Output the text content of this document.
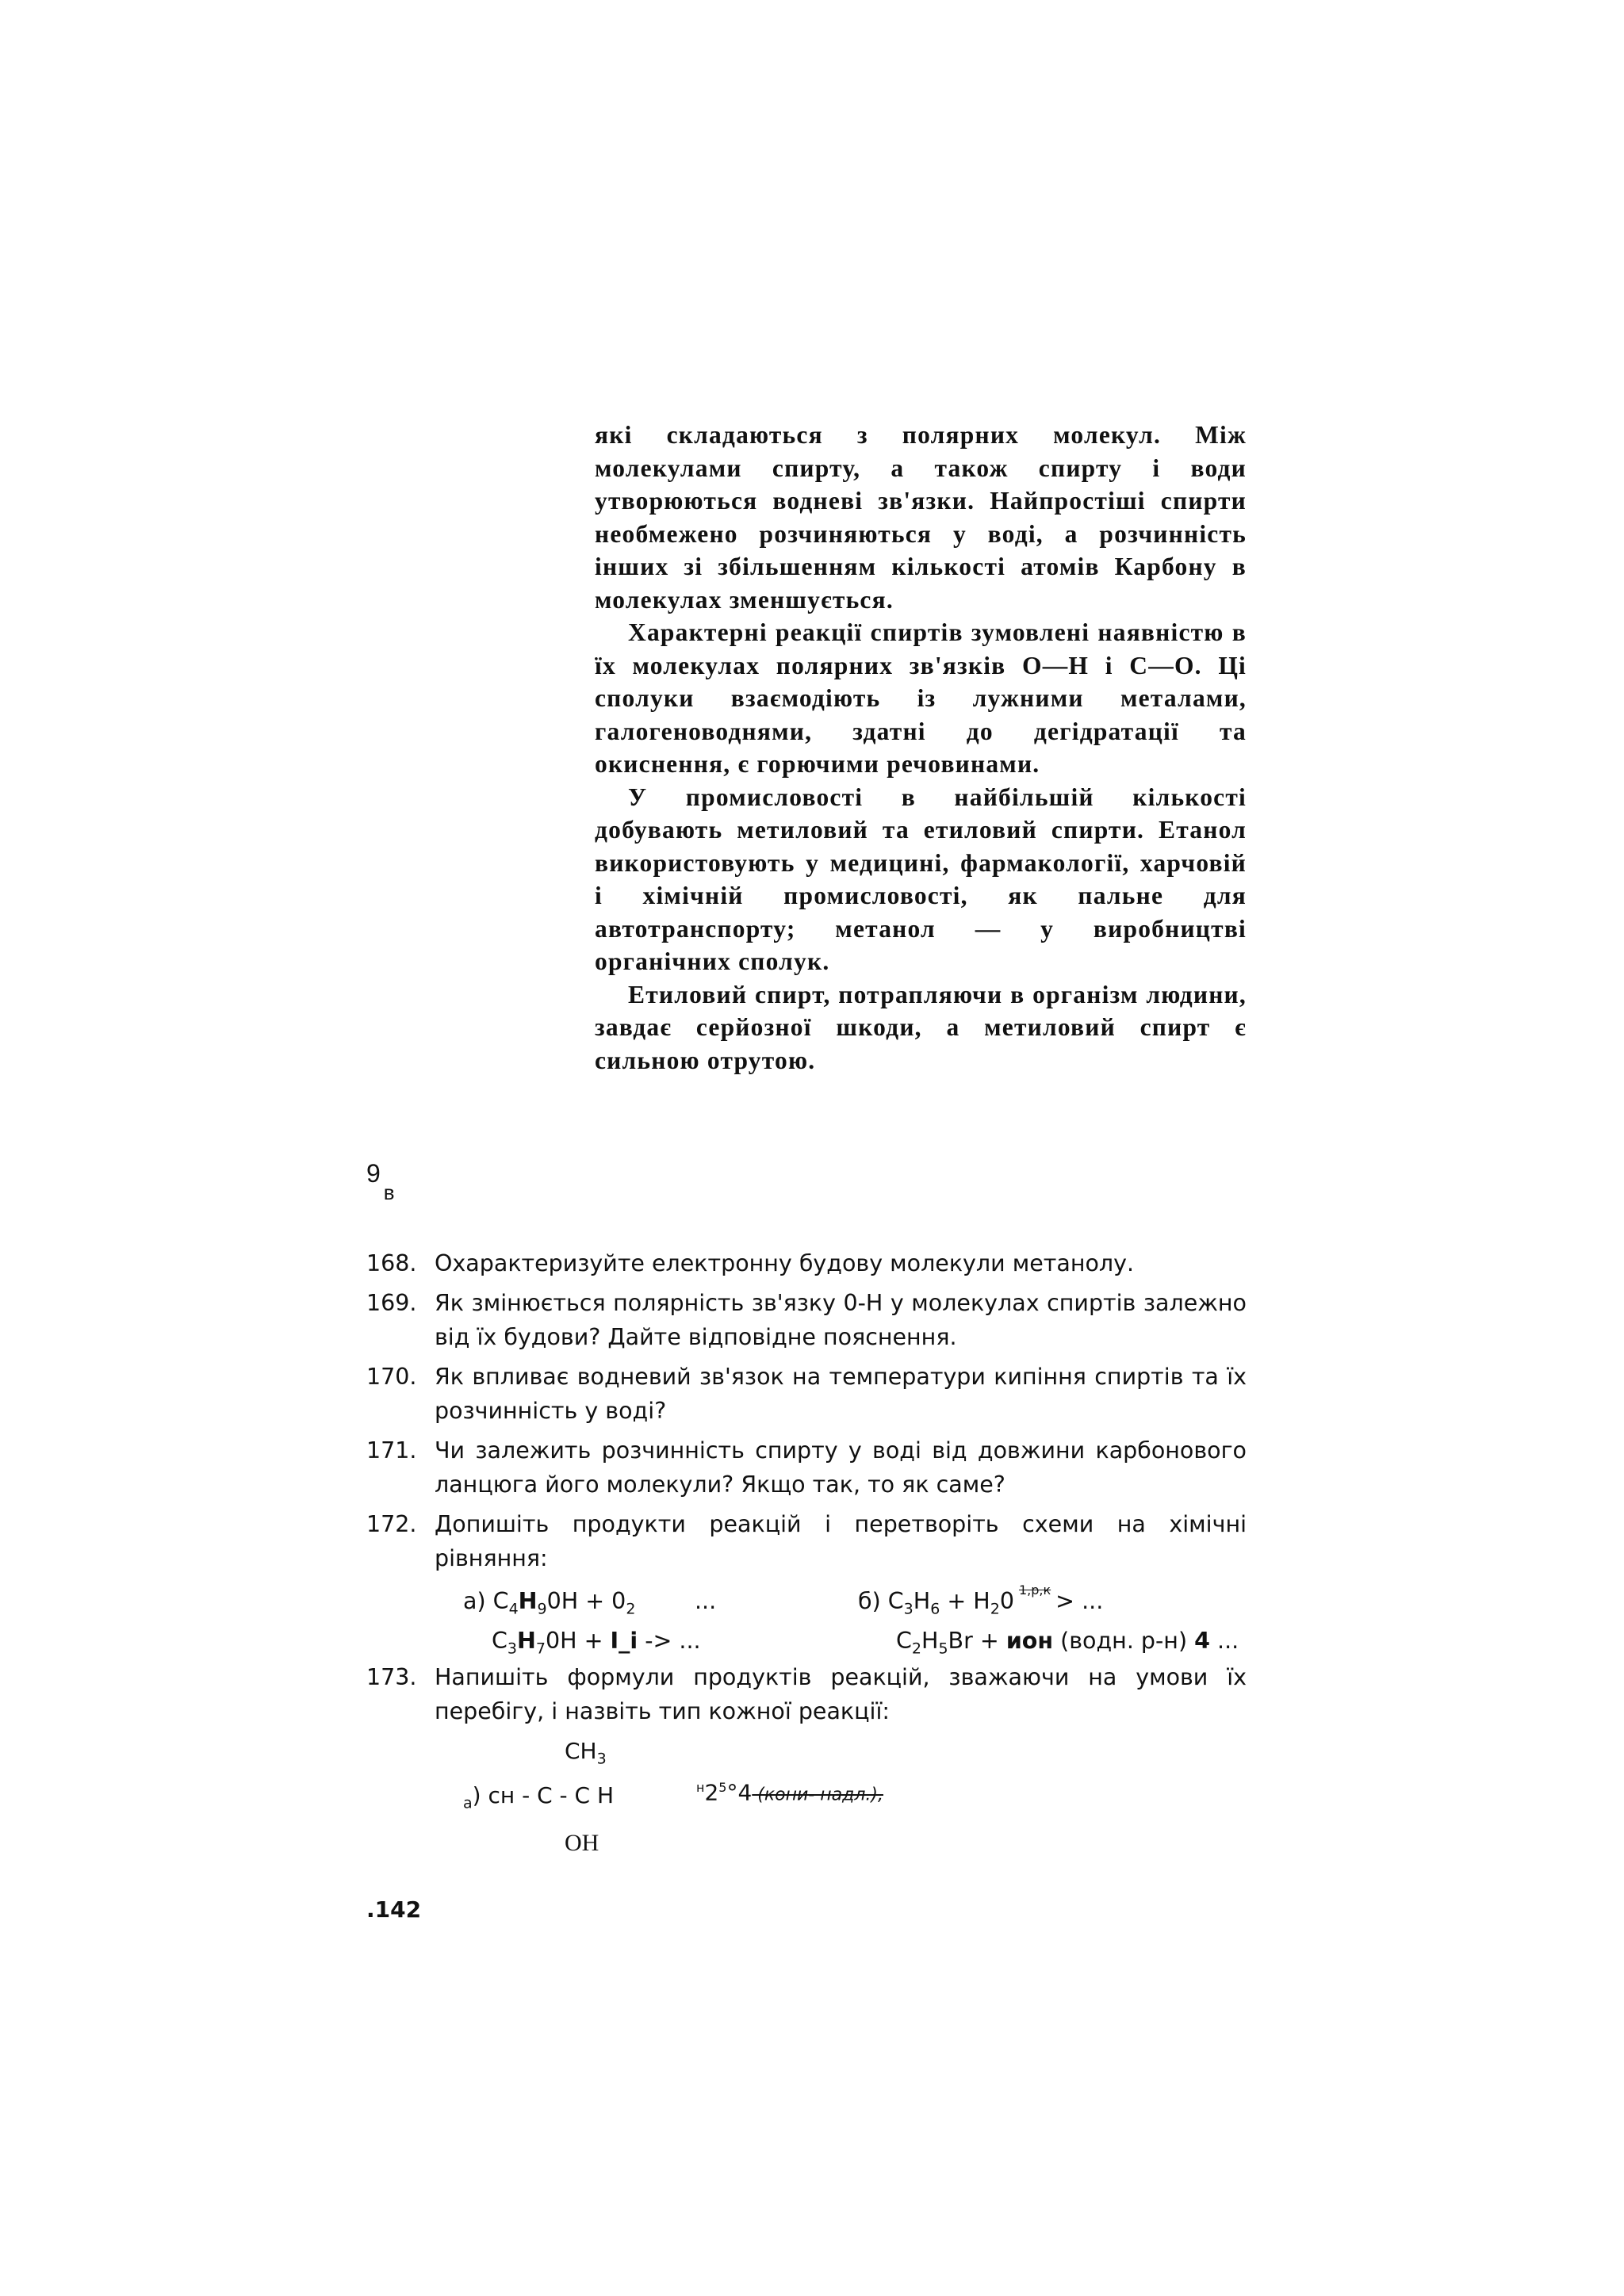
які складаються з полярних молекул. Між молекулами спирту, а також спирту і води утворюються водневі зв'язки. Найпростіші спирти необмежено розчиняються у воді, а розчинність інших зі збільшенням кількості атомів Карбону в молекулах зменшується.

Характерні реакції спиртів зумовлені наявністю в їх молекулах полярних зв'язків О—Н і С—О. Ці сполуки взаємодіють із лужними металами, галогеноводнями, здатні до дегідратації та окиснення, є горючими речовинами.

У промисловості в найбільшій кількості добувають метиловий та етиловий спирти. Етанол використовують у медицині, фармакології, харчовій і хімічній промисловості, як пальне для автотранспорту; метанол — у виробництві органічних сполук.

Етиловий спирт, потрапляючи в організм людини, завдає серйозної шкоди, а метиловий спирт є сильною отрутою.

$9_в$
168. Охарактеризуйте електронну будову молекули метанолу.
169. Як змінюється полярність зв'язку 0-Н у молекулах спиртів залежно від їх будови? Дайте відповідне пояснення.
170. Як впливає водневий зв'язок на температури кипіння спиртів та їх розчинність у воді?
171. Чи залежить розчинність спирту у воді від довжини карбонового ланцюга його молекули? Якщо так, то як саме?
172. Допишіть продукти реакцій і перетворіть схеми на хімічні рівняння:
а) $C_4H_90H + 0_2$	...	б) $C_3H_6 + H_20$ $^{1,р,к}$ > ...
$C_3H_70H$ + I_i -> ...	$C_2H_5Br$ + ион (водн. р-н) 4 ...
173. Напишіть формули продуктів реакцій, зважаючи на умови їх перебігу, і назвіть тип кожної реакції:
$CH_3$
$_а$) сн - С - С Н	$^н2^5^\circ 4$ (кони- надл.),
OH
.142
